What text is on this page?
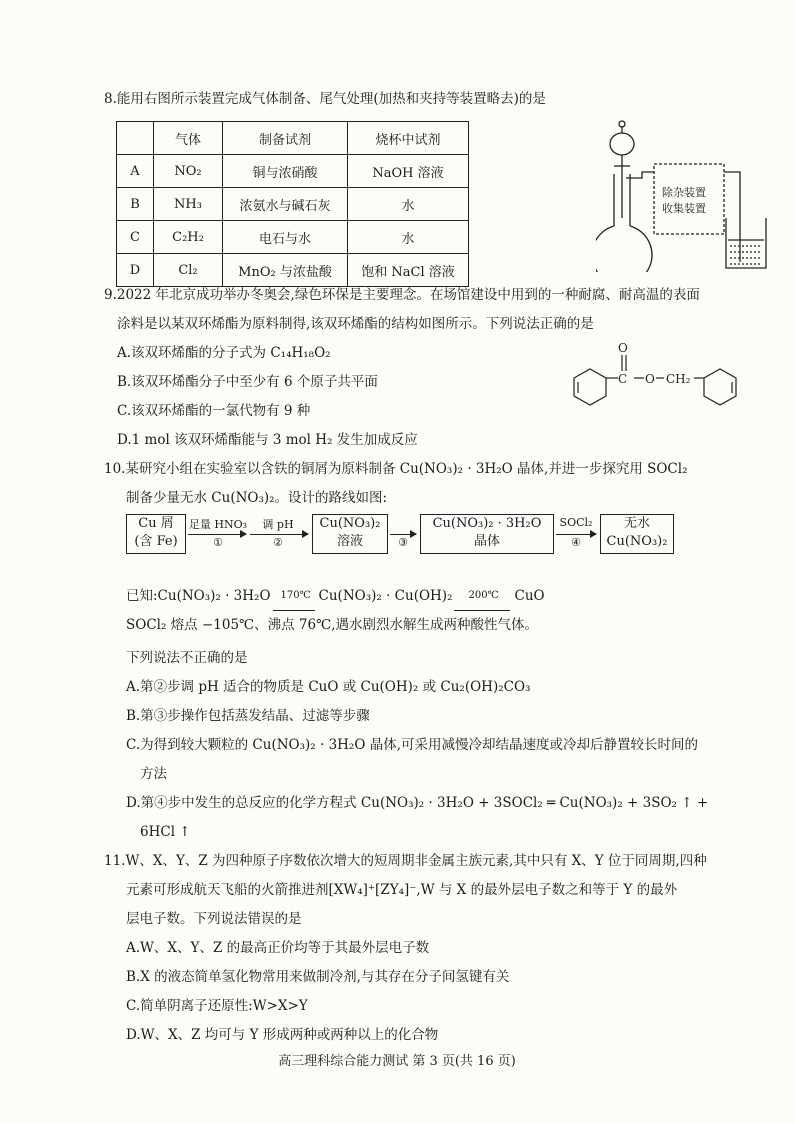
8.能用右图所示装置完成气体制备、尾气处理(加热和夹持等装置略去)的是
	气体	制备试剂	烧杯中试剂
A	NO₂	铜与浓硝酸	NaOH 溶液
B	NH₃	浓氨水与碱石灰	水
C	C₂H₂	电石与水	水
D	Cl₂	MnO₂ 与浓盐酸	饱和 NaCl 溶液
除杂装置
收集装置
9.2022 年北京成功举办冬奥会,绿色环保是主要理念。在场馆建设中用到的一种耐腐、耐高温的表面
涂料是以某双环烯酯为原料制得,该双环烯酯的结构如图所示。下列说法正确的是
A.该双环烯酯的分子式为 C₁₄H₁₈O₂
B.该双环烯酯分子中至少有 6 个原子共平面
C.该双环烯酯的一氯代物有 9 种
D.1 mol 该双环烯酯能与 3 mol H₂ 发生加成反应
O
C O CH₂
10.某研究小组在实验室以含铁的铜屑为原料制备 Cu(NO₃)₂ · 3H₂O 晶体,并进一步探究用 SOCl₂
制备少量无水 Cu(NO₃)₂。设计的路线如图:
Cu 屑
(含 Fe)
足量 HNO₃
①
调 pH
②
Cu(NO₃)₂
溶液	③
Cu(NO₃)₂ · 3H₂O
晶体
SOCl₂
④
无水
Cu(NO₃)₂
已知:Cu(NO₃)₂ · 3H₂O 170℃ Cu(NO₃)₂ · Cu(OH)₂ 200℃ CuO
SOCl₂ 熔点 −105℃、沸点 76℃,遇水剧烈水解生成两种酸性气体。
下列说法不正确的是
A.第②步调 pH 适合的物质是 CuO 或 Cu(OH)₂ 或 Cu₂(OH)₂CO₃
B.第③步操作包括蒸发结晶、过滤等步骤
C.为得到较大颗粒的 Cu(NO₃)₂ · 3H₂O 晶体,可采用减慢冷却结晶速度或冷却后静置较长时间的
方法
D.第④步中发生的总反应的化学方程式 Cu(NO₃)₂ · 3H₂O + 3SOCl₂ ═ Cu(NO₃)₂ + 3SO₂ ↑ +
6HCl ↑
11.W、X、Y、Z 为四种原子序数依次增大的短周期非金属主族元素,其中只有 X、Y 位于同周期,四种
元素可形成航天飞船的火箭推进剂[XW₄]⁺[ZY₄]⁻,W 与 X 的最外层电子数之和等于 Y 的最外
层电子数。下列说法错误的是
A.W、X、Y、Z 的最高正价均等于其最外层电子数
B.X 的液态简单氢化物常用来做制冷剂,与其存在分子间氢键有关
C.简单阴离子还原性:W>X>Y
D.W、X、Z 均可与 Y 形成两种或两种以上的化合物
高三理科综合能力测试 第 3 页(共 16 页)
